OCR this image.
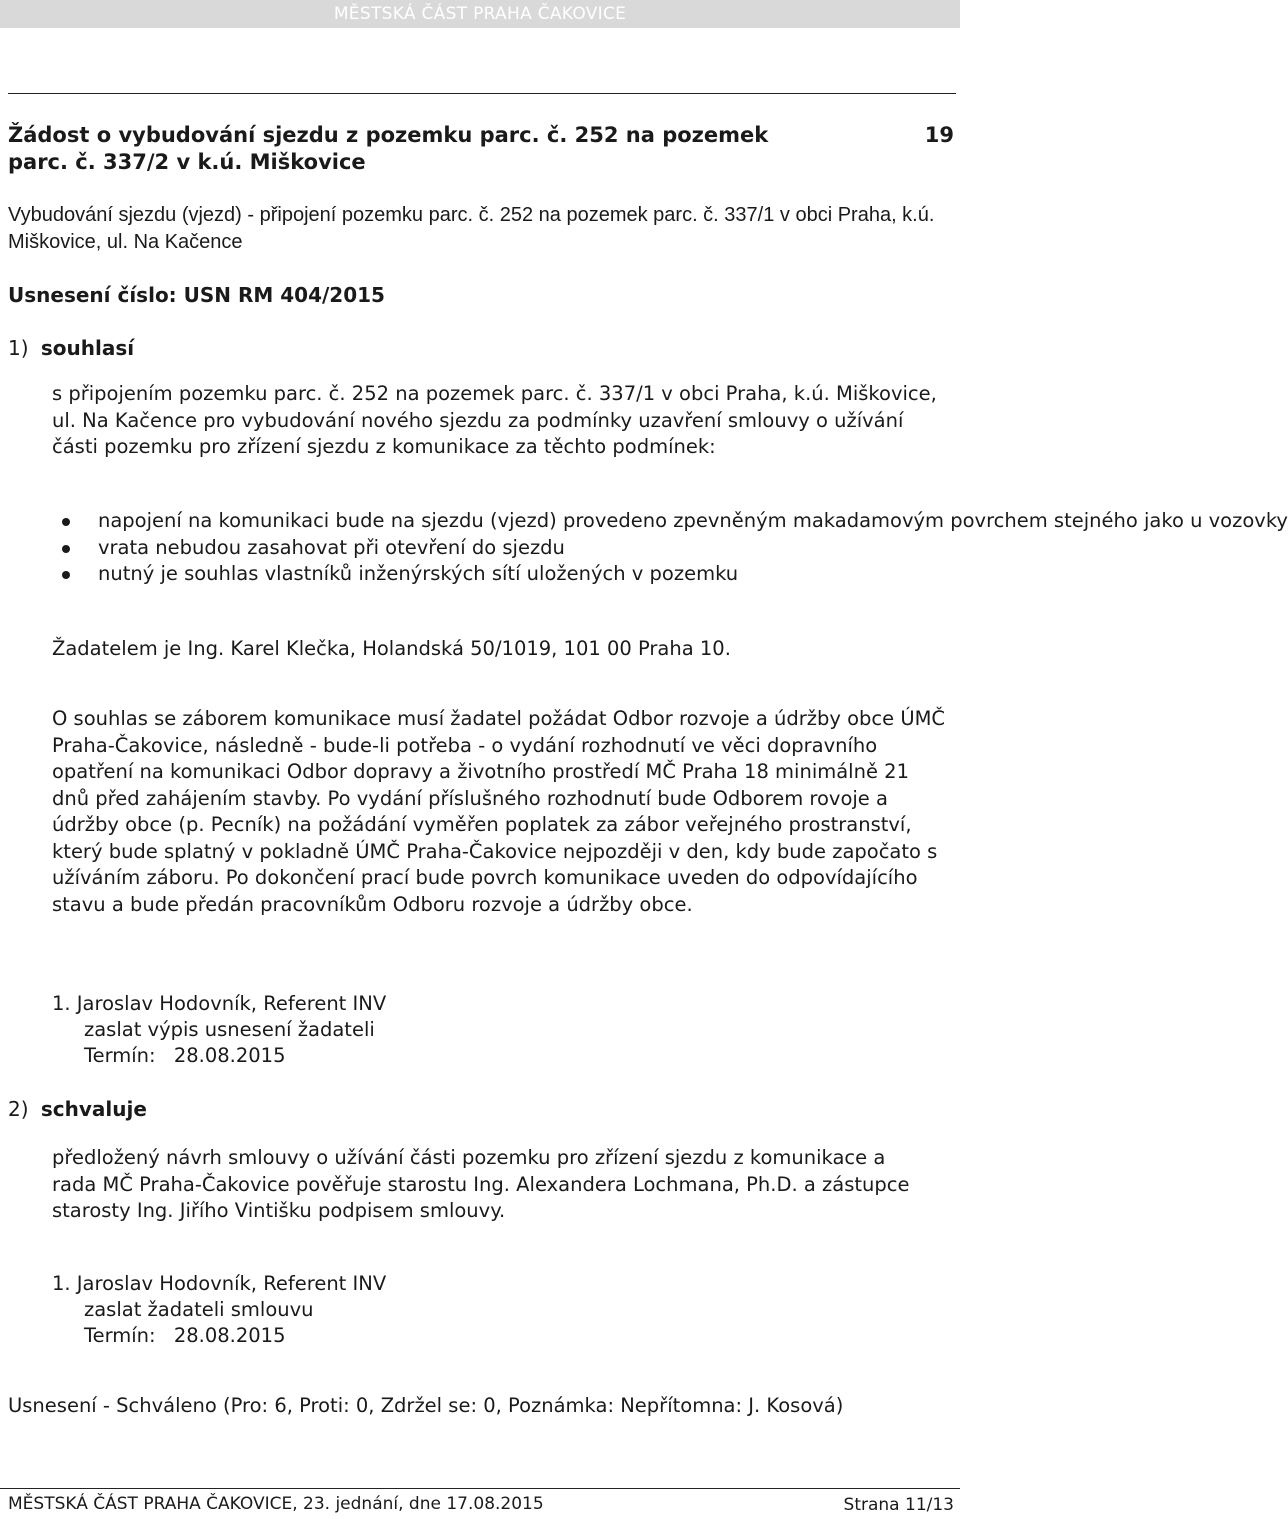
MĚSTSKÁ ČÁST PRAHA ČAKOVICE
Žádost o vybudování sjezdu z pozemku parc. č. 252 na pozemek parc. č. 337/2 v k.ú. Miškovice
19
Vybudování sjezdu (vjezd) - připojení pozemku parc. č. 252 na pozemek parc. č. 337/1 v obci Praha, k.ú. Miškovice, ul. Na Kačence
Usnesení číslo: USN RM 404/2015
1) souhlasí
s připojením pozemku parc. č. 252 na pozemek parc. č. 337/1 v obci Praha, k.ú. Miškovice, ul. Na Kačence pro vybudování nového sjezdu za podmínky uzavření smlouvy o užívání části pozemku pro zřízení sjezdu z komunikace za těchto podmínek:
napojení na komunikaci bude na sjezdu (vjezd) provedeno zpevněným makadamovým povrchem stejného jako u vozovky
vrata nebudou zasahovat při otevření do sjezdu
nutný je souhlas vlastníků inženýrských sítí uložených v pozemku
Žadatelem je Ing. Karel Klečka, Holandská 50/1019, 101 00 Praha 10.
O souhlas se záborem komunikace musí žadatel požádat Odbor rozvoje a údržby obce ÚMČ Praha-Čakovice, následně - bude-li potřeba - o vydání rozhodnutí ve věci dopravního opatření na komunikaci Odbor dopravy a životního prostředí MČ Praha 18 minimálně 21 dnů před zahájením stavby. Po vydání příslušného rozhodnutí bude Odborem rovoje a údržby obce (p. Pecník) na požádání vyměřen poplatek za zábor veřejného prostranství, který bude splatný v pokladně ÚMČ Praha-Čakovice nejpozději v den, kdy bude započato s užíváním záboru. Po dokončení prací bude povrch komunikace uveden do odpovídajícího stavu a bude předán pracovníkům Odboru rozvoje a údržby obce.
1. Jaroslav Hodovník, Referent INV
zaslat výpis usnesení žadateli
Termín: 28.08.2015
2) schvaluje
předložený návrh smlouvy o užívání části pozemku pro zřízení sjezdu z komunikace a rada MČ Praha-Čakovice pověřuje starostu Ing. Alexandera Lochmana, Ph.D. a zástupce starosty Ing. Jiřího Vintišku podpisem smlouvy.
1. Jaroslav Hodovník, Referent INV
zaslat žadateli smlouvu
Termín: 28.08.2015
Usnesení - Schváleno (Pro: 6, Proti: 0, Zdržel se: 0, Poznámka: Nepřítomna: J. Kosová)
MĚSTSKÁ ČÁST PRAHA ČAKOVICE, 23. jednání, dne 17.08.2015	Strana 11/13
